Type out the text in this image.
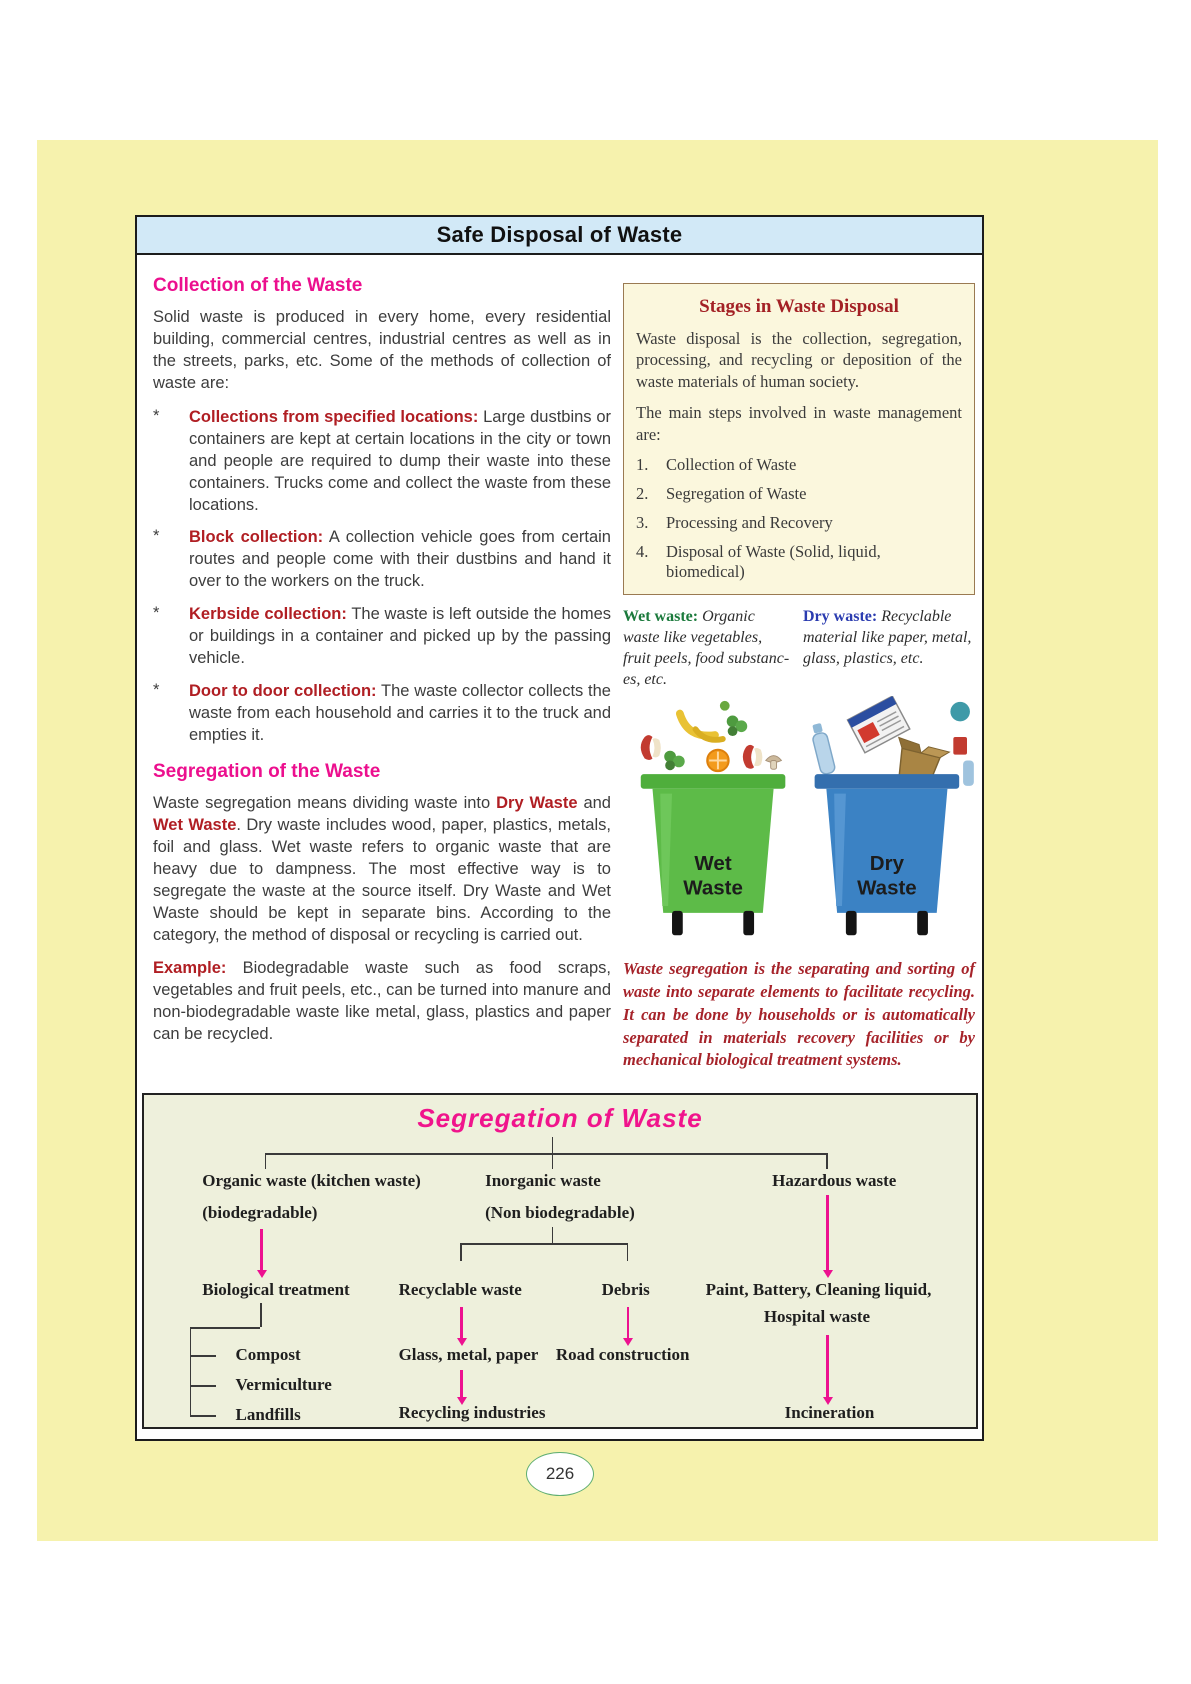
Safe Disposal of Waste
Collection of the Waste

Solid waste is produced in every home, every residential building, commercial centres, industrial centres as well as in the streets, parks, etc. Some of the methods of collection of waste are:

*	Collections from specified locations: Large dustbins or containers are kept at certain locations in the city or town and people are required to dump their waste into these containers. Trucks come and collect the waste from these locations.
*	Block collection: A collection vehicle goes from certain routes and people come with their dustbins and hand it over to the workers on the truck.
*	Kerbside collection: The waste is left outside the homes or buildings in a container and picked up by the passing vehicle.
*	Door to door collection: The waste collector collects the waste from each household and carries it to the truck and empties it.
Segregation of the Waste

Waste segregation means dividing waste into Dry Waste and Wet Waste. Dry waste includes wood, paper, plastics, metals, foil and glass. Wet waste refers to organic waste that are heavy due to dampness. The most effective way is to segregate the waste at the source itself. Dry Waste and Wet Waste should be kept in separate bins. According to the category, the method of disposal or recycling is carried out.

Example: Biodegradable waste such as food scraps, vegetables and fruit peels, etc., can be turned into manure and non-biodegradable waste like metal, glass, plastics and paper can be recycled.

Stages in Waste Disposal

Waste disposal is the collection, segregation, processing, and recycling or deposition of the waste materials of human society.

The main steps involved in waste management are:

1.	Collection of Waste
2.	Segregation of Waste
3.	Processing and Recovery
4.	Disposal of Waste (Solid, liquid, biomedical)
Wet waste: Organic waste like vegetables, fruit peels, food substanc-es, etc.
Dry waste: Recyclable material like paper, metal, glass, plastics, etc.
Wet
Waste
Dry
Waste
Waste segregation is the separating and sorting of waste into separate elements to facilitate recycling. It can be done by households or is automatically separated in materials recovery facilities or by mechanical biological treatment systems.
Segregation of Waste
Organic waste (kitchen waste)	Inorganic waste	Hazardous waste
(biodegradable)	(Non biodegradable)
Biological treatment	Recyclable waste	Debris	Paint, Battery, Cleaning liquid,
Hospital waste
Compost
Vermiculture
Landfills
Glass, metal, paper Road construction
Recycling industries	Incineration
226
